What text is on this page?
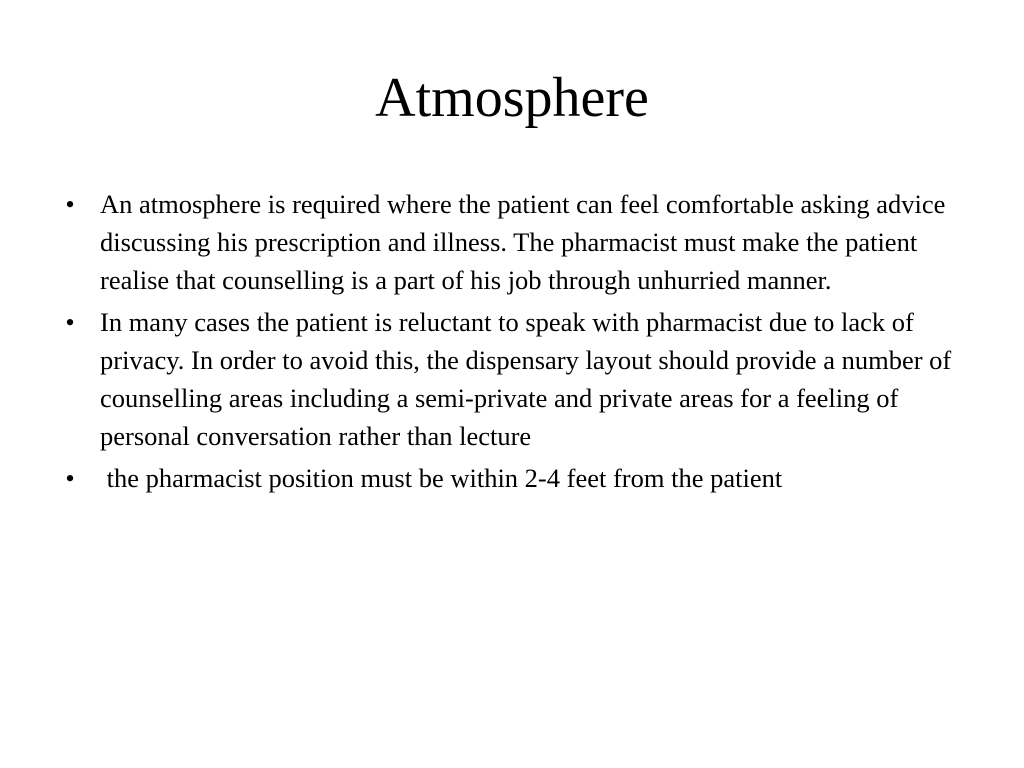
Atmosphere
• An atmosphere is required where the patient can feel comfortable asking advice discussing his prescription and illness. The pharmacist must make the patient realise that counselling is a part of his job through unhurried manner.
• In many cases the patient is reluctant to speak with pharmacist due to lack of privacy. In order to avoid this, the dispensary layout should provide a number of counselling areas including a semi-private and private areas for a feeling of personal conversation rather than lecture
• the pharmacist position must be within 2-4 feet from the patient
